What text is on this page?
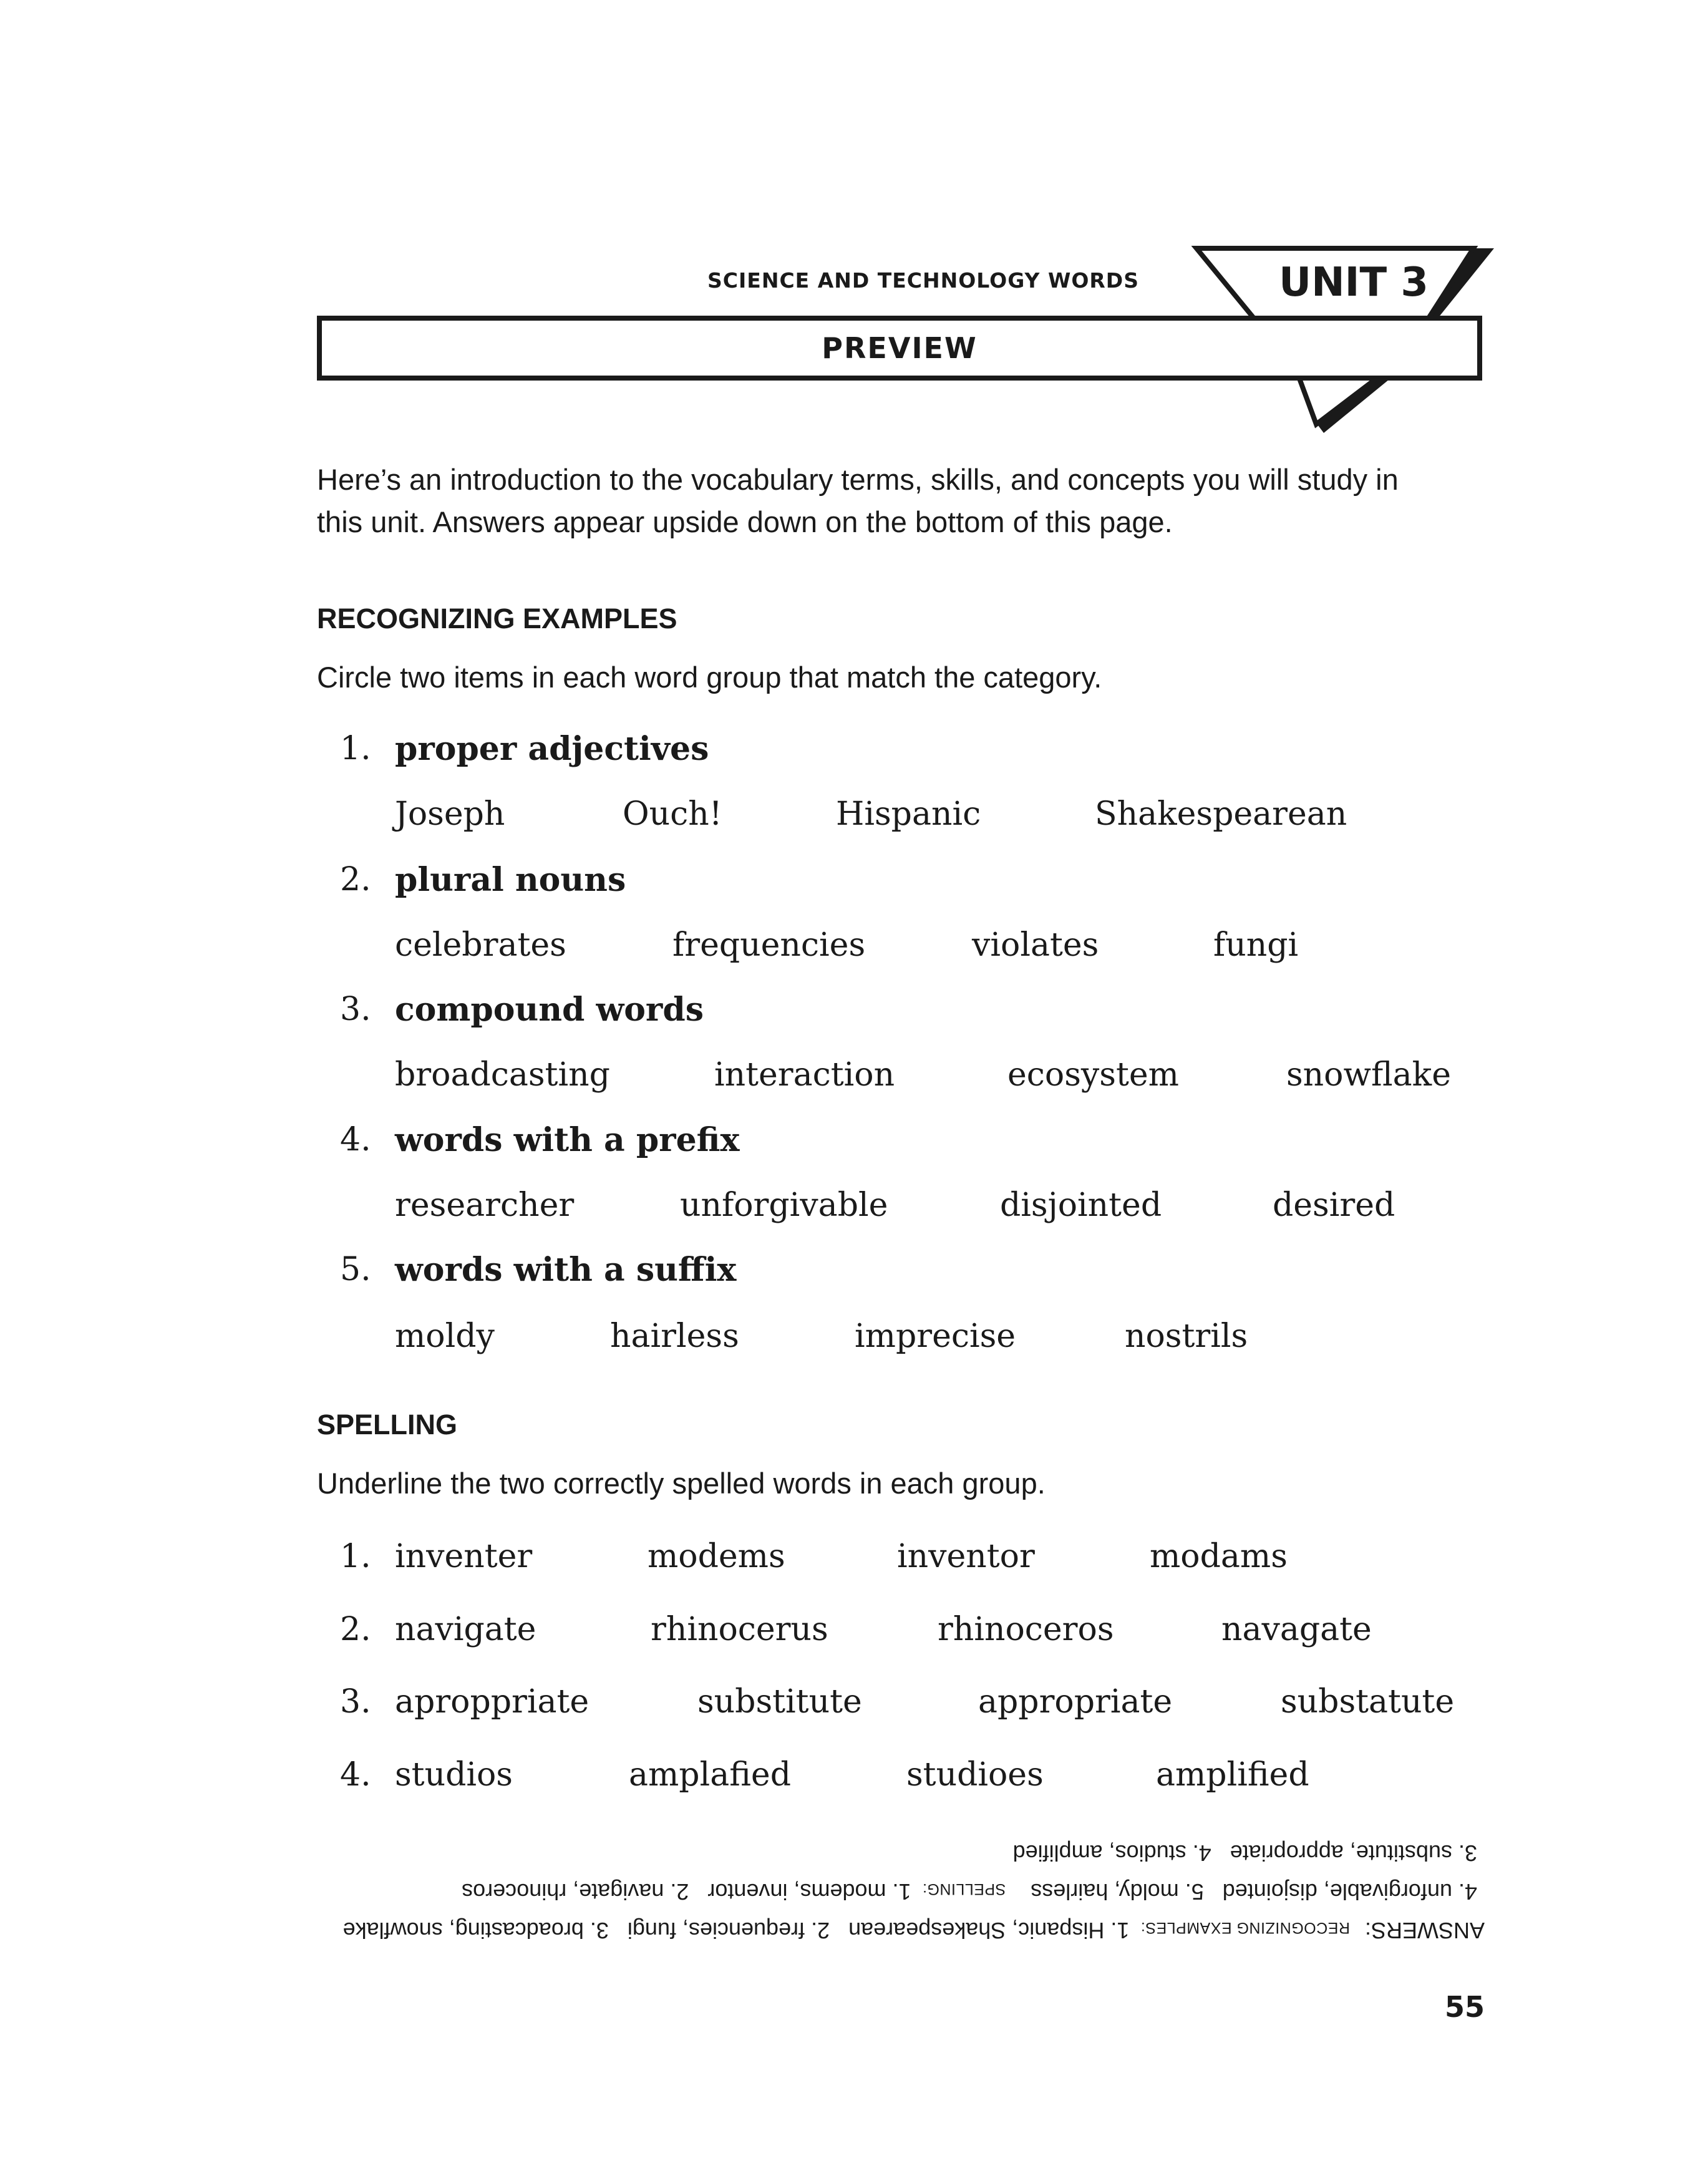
SCIENCE AND TECHNOLOGY WORDS	UNIT 3
PREVIEW
Here’s an introduction to the vocabulary terms, skills, and concepts you will study in
this unit. Answers appear upside down on the bottom of this page.
RECOGNIZING EXAMPLES
Circle two items in each word group that match the category.
1. proper adjectives
Joseph	Ouch!	Hispanic	Shakespearean
2. plural nouns
celebrates	frequencies	violates	fungi
3. compound words
broadcasting	interaction	ecosystem	snowflake
4. words with a prefix
researcher	unforgivable	disjointed	desired
5. words with a suffix
moldy	hairless	imprecise	nostrils
SPELLING
Underline the two correctly spelled words in each group.
1. inventer	modems	inventor	modams
2. navigate	rhinocerus	rhinoceros	navagate
3. aproppriate	substitute	appropriate	substatute
4. studios	amplafied	studioes	amplified
ANSWERS: RECOGNIZING EXAMPLES: 1. Hispanic, Shakespearean   2. frequencies, fungi   3. broadcasting, snowflake
4. unforgivable, disjointed   5. moldy, hairless SPELLING: 1. modems, inventor   2. navigate, rhinoceros
3. substitute, appropriate   4. studios, amplified
55
